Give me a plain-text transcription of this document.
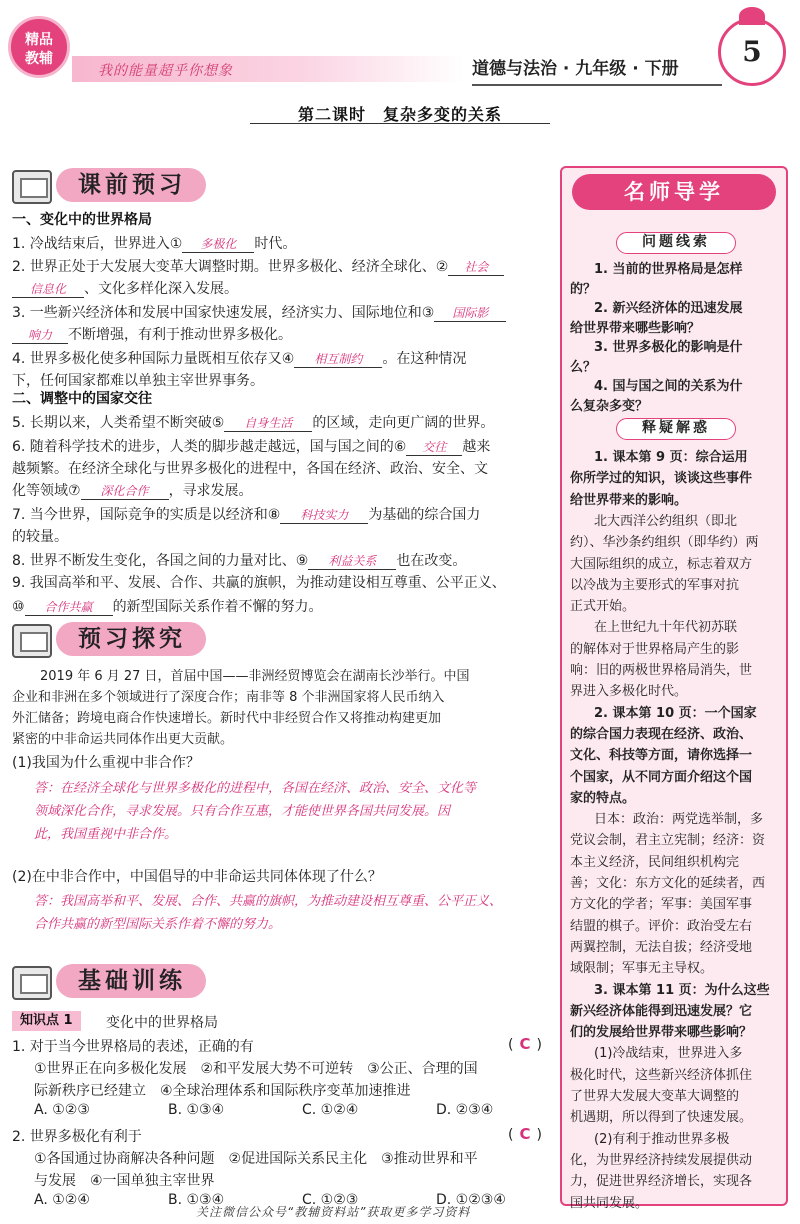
精品
教辅
我的能量超乎你想象	道德与法治 · 九年级 · 下册
5
第二课时　复杂多变的关系
课前预习
一、变化中的世界格局
1. 冷战结束后，世界进入① 多极化 时代。
2. 世界正处于大发展大变革大调整时期。世界多极化、经济全球化、② 社会
信息化 、文化多样化深入发展。
3. 一些新兴经济体和发展中国家快速发展，经济实力、国际地位和③ 国际影
响力 不断增强，有利于推动世界多极化。
4. 世界多极化使多种国际力量既相互依存又④ 相互制约 。在这种情况
下，任何国家都难以单独主宰世界事务。
5. 长期以来，人类希望不断突破⑤ 自身生活 的区域，走向更广阔的世界。
6. 随着科学技术的进步，人类的脚步越走越远，国与国之间的⑥ 交往 越来
越频繁。在经济全球化与世界多极化的进程中，各国在经济、政治、安全、文
化等领域⑦ 深化合作 ，寻求发展。
7. 当今世界，国际竞争的实质是以经济和⑧ 科技实力 为基础的综合国力
的较量。
8. 世界不断发生变化，各国之间的力量对比、⑨ 利益关系 也在改变。
9. 我国高举和平、发展、合作、共赢的旗帜，为推动建设相互尊重、公平正义、
⑩ 合作共赢 的新型国际关系作着不懈的努力。
二、调整中的国家交往
预习探究
2019 年 6 月 27 日，首届中国——非洲经贸博览会在湖南长沙举行。中国
企业和非洲在多个领域进行了深度合作；南非等 8 个非洲国家将人民币纳入
外汇储备；跨境电商合作快速增长。新时代中非经贸合作又将推动构建更加
紧密的中非命运共同体作出更大贡献。
(1)我国为什么重视中非合作？
答：在经济全球化与世界多极化的进程中，各国在经济、政治、安全、文化等
领域深化合作，寻求发展。只有合作互惠，才能使世界各国共同发展。因
此，我国重视中非合作。
(2)在中非合作中，中国倡导的中非命运共同体体现了什么？
答：我国高举和平、发展、合作、共赢的旗帜，为推动建设相互尊重、公平正义、
合作共赢的新型国际关系作着不懈的努力。
基础训练
知识点 1	变化中的世界格局
1. 对于当今世界格局的表述，正确的有	( C )
①世界正在向多极化发展　②和平发展大势不可逆转　③公正、合理的国
际新秩序已经建立　④全球治理体系和国际秩序变革加速推进
A. ①②③	B. ①③④	C. ①②④	D. ②③④
2. 世界多极化有利于	( C )
①各国通过协商解决各种问题　②促进国际关系民主化　③推动世界和平
与发展　④一国单独主宰世界
A. ①②④	B. ①③④	C. ①②③	D. ①②③④
关注微信公众号“教辅资料站”获取更多学习资料
名师导学
问题线索
1. 当前的世界格局是怎样
的？
2. 新兴经济体的迅速发展
给世界带来哪些影响？
3. 世界多极化的影响是什
么？
4. 国与国之间的关系为什
么复杂多变？
释疑解惑
1. 课本第 9 页：综合运用
你所学过的知识，谈谈这些事件
给世界带来的影响。
北大西洋公约组织（即北
约）、华沙条约组织（即华约）两
大国际组织的成立，标志着双方
以冷战为主要形式的军事对抗
正式开始。
在上世纪九十年代初苏联
的解体对于世界格局产生的影
响：旧的两极世界格局消失，世
界进入多极化时代。
2. 课本第 10 页：一个国家
的综合国力表现在经济、政治、
文化、科技等方面，请你选择一
个国家，从不同方面介绍这个国
家的特点。
日本：政治：两党选举制，多
党议会制，君主立宪制；经济：资
本主义经济，民间组织机构完
善；文化：东方文化的延续者，西
方文化的学者；军事：美国军事
结盟的棋子。评价：政治受左右
两翼控制，无法自拔；经济受地
域限制；军事无主导权。
3. 课本第 11 页：为什么这些
新兴经济体能得到迅速发展？它
们的发展给世界带来哪些影响？
(1)冷战结束，世界进入多
极化时代，这些新兴经济体抓住
了世界大发展大变革大调整的
机遇期，所以得到了快速发展。
(2)有利于推动世界多极
化，为世界经济持续发展提供动
力，促进世界经济增长，实现各
国共同发展。
